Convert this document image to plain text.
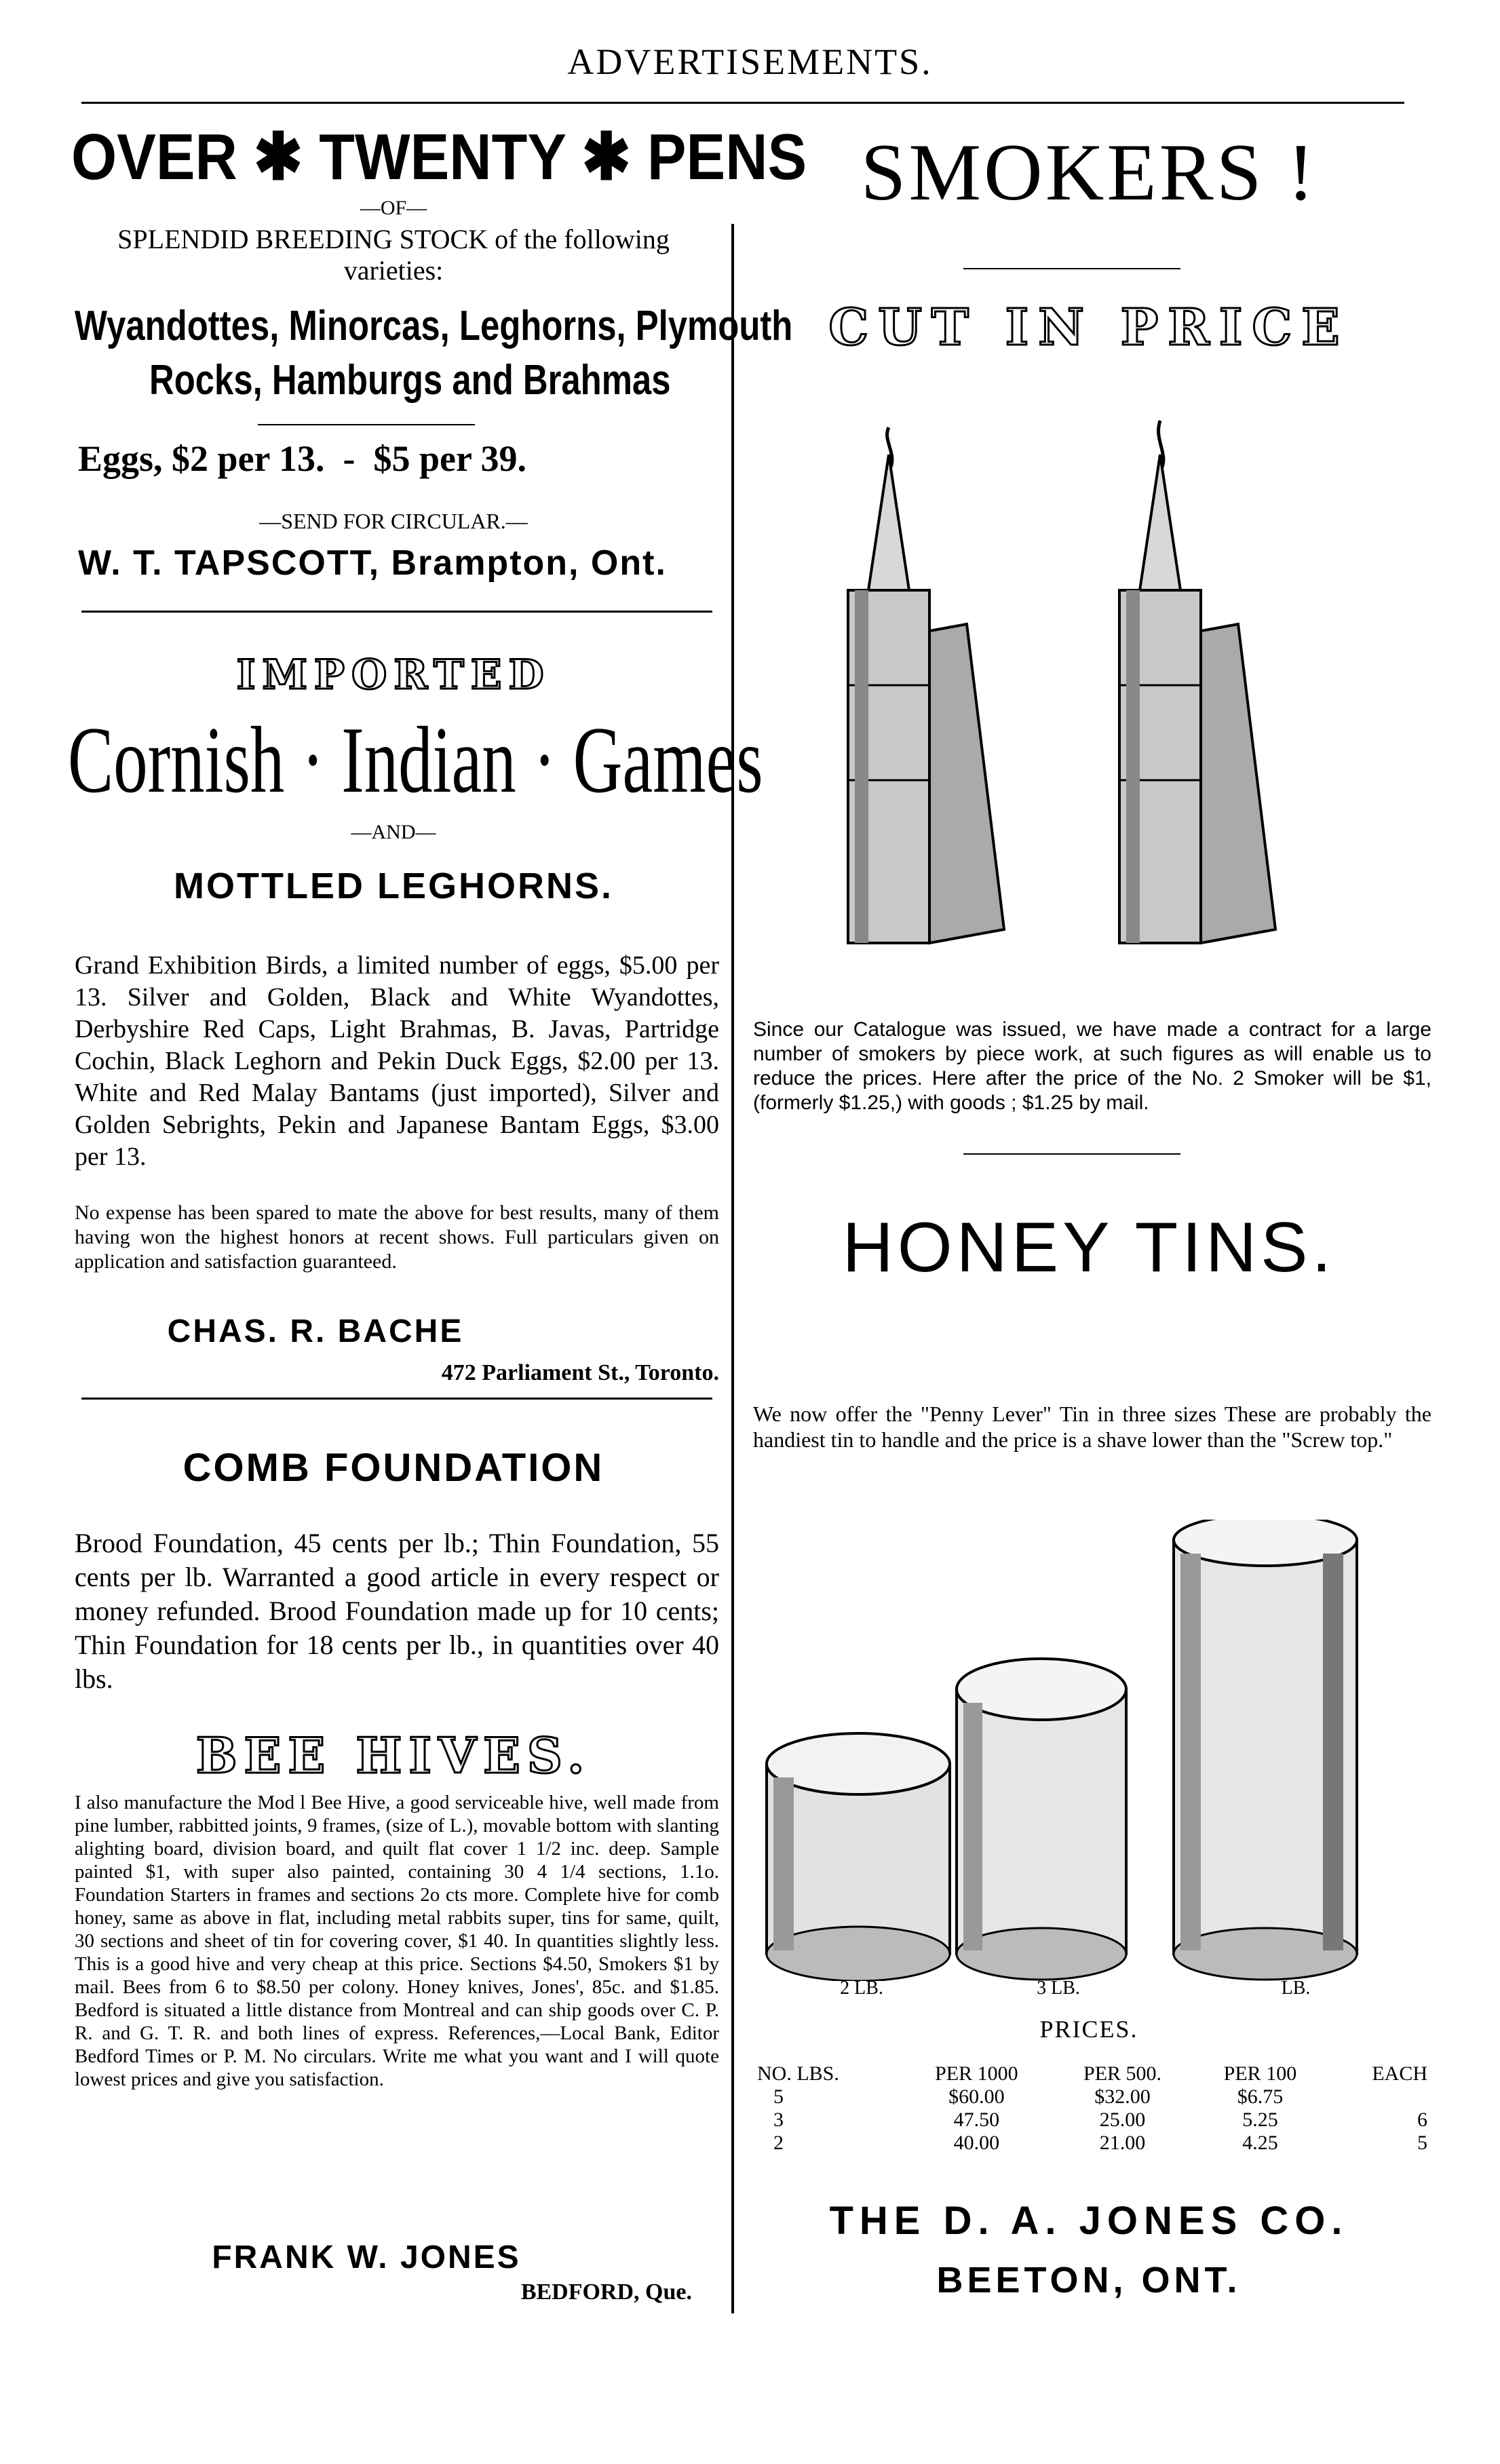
ADVERTISEMENTS.
OVER ✱ TWENTY ✱ PENS
—OF—
SPLENDID BREEDING STOCK of the following varieties:
Wyandottes, Minorcas, Leghorns, Plymouth
Rocks, Hamburgs and Brahmas
Eggs, $2 per 13.  -  $5 per 39.
—SEND FOR CIRCULAR.—
W. T. TAPSCOTT, Brampton, Ont.
IMPORTED
Cornish · Indian · Games
—AND—
MOTTLED LEGHORNS.
Grand Exhibition Birds, a limited number of eggs, $5.00 per 13. Silver and Golden, Black and White Wyandottes, Derbyshire Red Caps, Light Brahmas, B. Javas, Partridge Cochin, Black Leghorn and Pekin Duck Eggs, $2.00 per 13. White and Red Malay Bantams (just imported), Silver and Golden Sebrights, Pekin and Japanese Bantam Eggs, $3.00 per 13.
No expense has been spared to mate the above for best results, many of them having won the highest honors at recent shows. Full particulars given on application and satisfaction guaranteed.
CHAS. R. BACHE
472 Parliament St., Toronto.
COMB FOUNDATION
Brood Foundation, 45 cents per lb.; Thin Foundation, 55 cents per lb. Warranted a good article in every respect or money refunded. Brood Foundation made up for 10 cents; Thin Foundation for 18 cents per lb., in quantities over 40 lbs.
BEE HIVES.
I also manufacture the Mod l Bee Hive, a good serviceable hive, well made from pine lumber, rabbitted joints, 9 frames, (size of L.), movable bottom with slanting alighting board, division board, and quilt flat cover 1 1/2 inc. deep. Sample painted $1, with super also painted, containing 30 4 1/4 sections, 1.1o. Foundation Starters in frames and sections 2o cts more. Complete hive for comb honey, same as above in flat, including metal rabbits super, tins for same, quilt, 30 sections and sheet of tin for covering cover, $1 40. In quantities slightly less. This is a good hive and very cheap at this price. Sections $4.50, Smokers $1 by mail. Bees from 6 to $8.50 per colony. Honey knives, Jones', 85c. and $1.85. Bedford is situated a little distance from Montreal and can ship goods over C. P. R. and G. T. R. and both lines of express. References,—Local Bank, Editor Bedford Times or P. M. No circulars. Write me what you want and I will quote lowest prices and give you satisfaction.
FRANK W. JONES
BEDFORD, Que.
SMOKERS !
CUT IN PRICE
Since our Catalogue was issued, we have made a contract for a large number of smokers by piece work, at such figures as will enable us to reduce the prices. Here after the price of the No. 2 Smoker will be $1, (formerly $1.25,) with goods ; $1.25 by mail.
HONEY TINS.
We now offer the "Penny Lever" Tin in three sizes These are probably the handiest tin to handle and the price is a shave lower than the "Screw top."
2 LB.	3 LB.	LB.
PRICES.
NO. LBS.	PER 1000	PER 500.	PER 100	EACH
5	$60.00	$32.00	$6.75	
3	47.50	25.00	5.25	6
2	40.00	21.00	4.25	5
THE D. A. JONES CO.
BEETON, ONT.
